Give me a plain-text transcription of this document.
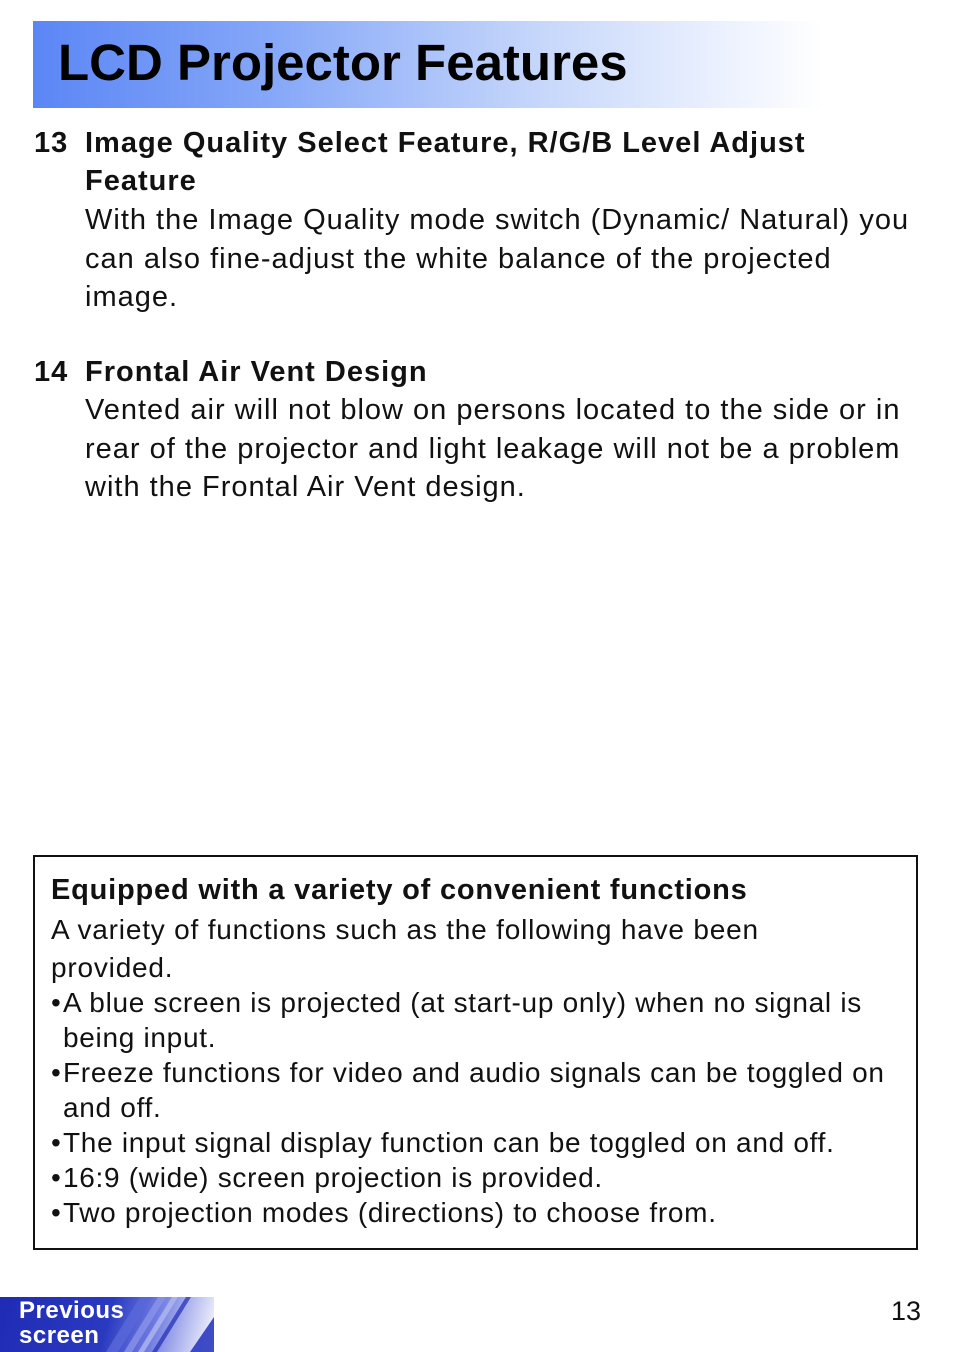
LCD Projector Features
13 Image Quality Select Feature, R/G/B Level Adjust Feature
With the Image Quality mode switch (Dynamic/ Natural) you can also fine-adjust the white balance of the projected image.
14 Frontal Air Vent Design
Vented air will not blow on persons located to the side or in rear of the projector and light leakage will not be a problem with the Frontal Air Vent design.
Equipped with a variety of convenient functions
A variety of functions such as the following have been provided.
• A blue screen is projected (at start-up only) when no signal is being input.
• Freeze functions for video and audio signals can be toggled on and off.
• The input signal display function can be toggled on and off.
• 16:9 (wide) screen projection is provided.
• Two projection modes (directions) to choose from.
Previous screen
13
